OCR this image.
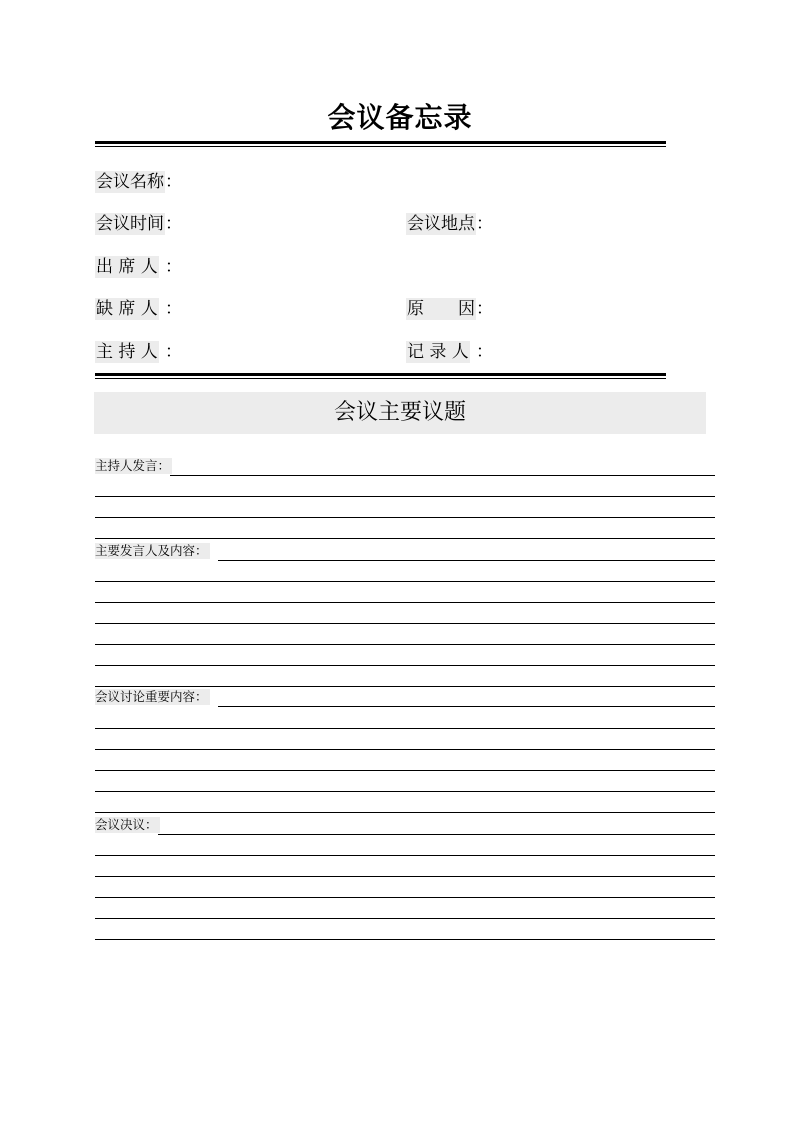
会议备忘录
会议名称 ：
会议时间 ：	会议地点 ：
出 席 人 ：
缺 席 人 ：	原　　因 ：
主 持 人 ：	记 录 人 ：
会议主要议题
主持人发言：
主要发言人及内容：
会议讨论重要内容：
会议决议：
